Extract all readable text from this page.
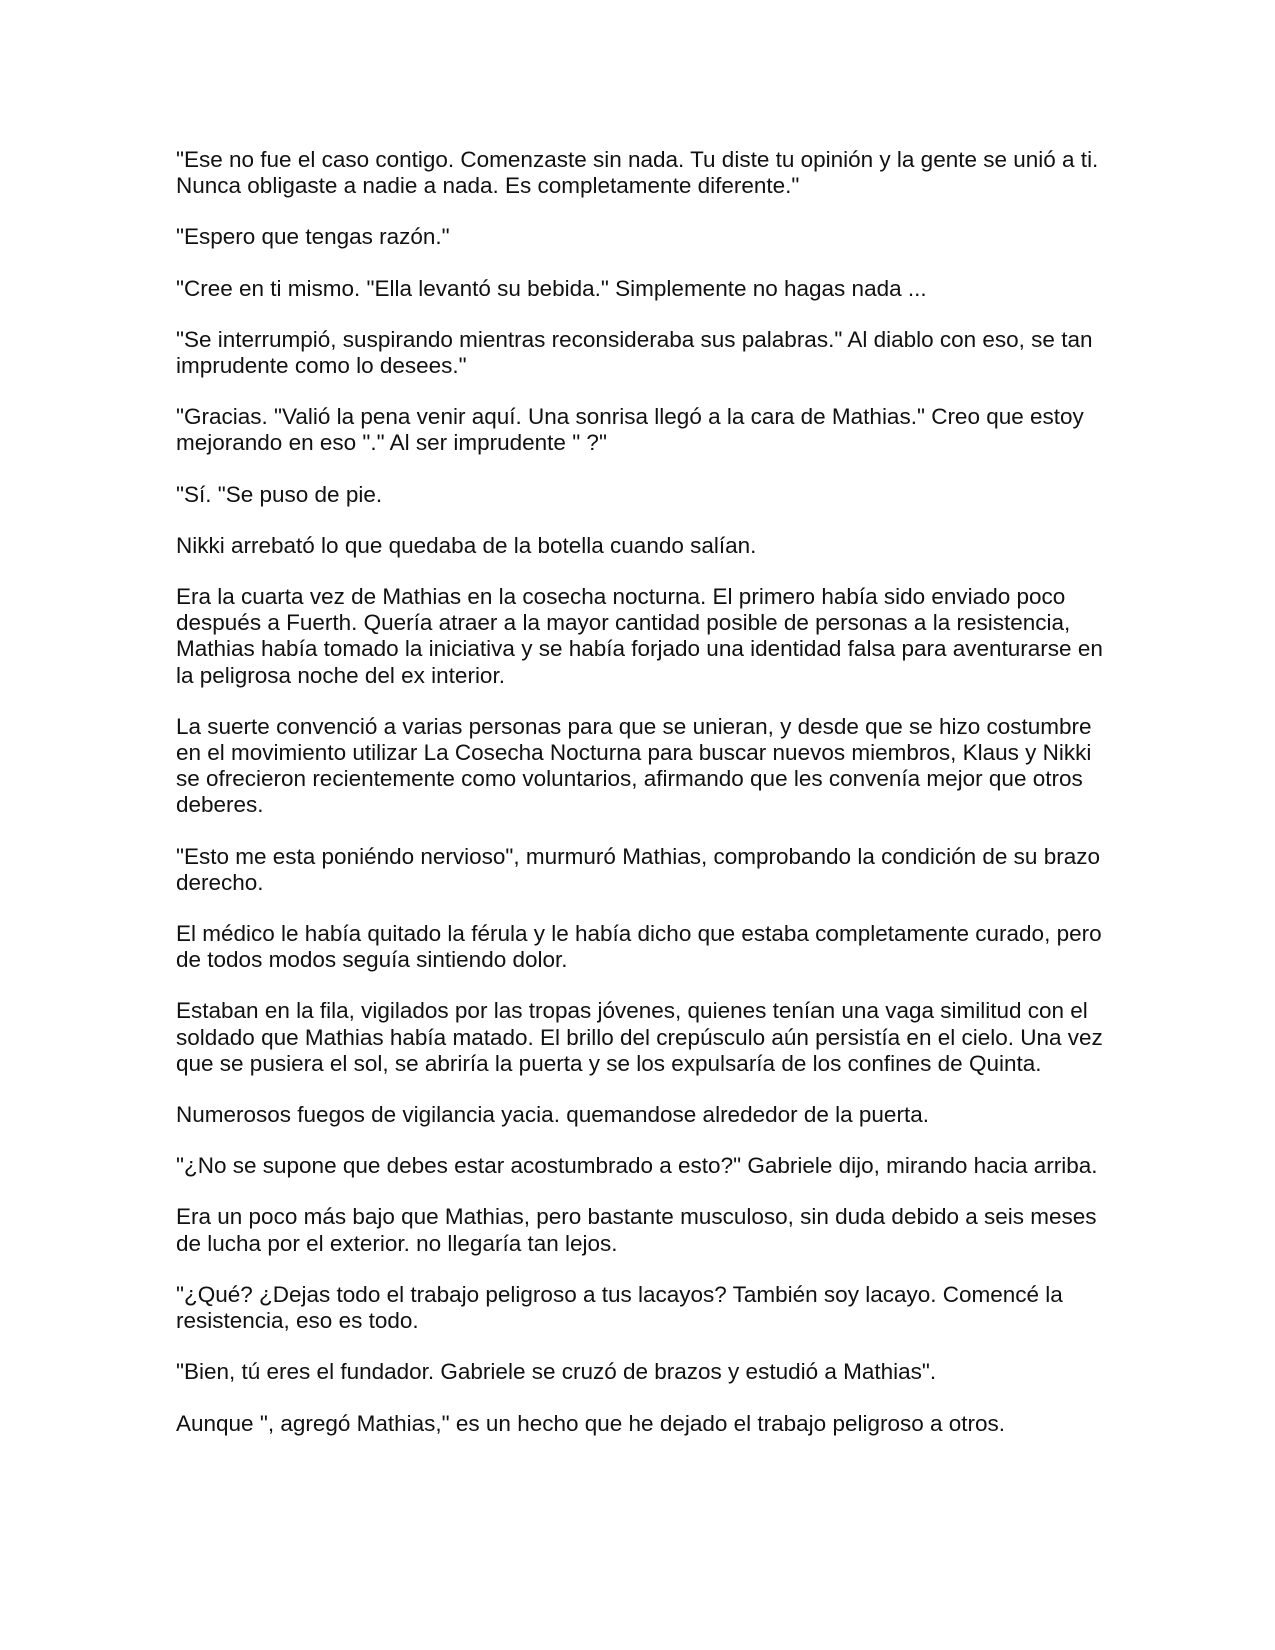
"Ese no fue el caso contigo. Comenzaste sin nada. Tu diste tu opinión y la gente se unió a ti. Nunca obligaste a nadie a nada. Es completamente diferente."

"Espero que tengas razón."

"Cree en ti mismo. "Ella levantó su bebida." Simplemente no hagas nada ...

"Se interrumpió, suspirando mientras reconsideraba sus palabras." Al diablo con eso, se tan imprudente como lo desees."

"Gracias. "Valió la pena venir aquí. Una sonrisa llegó a la cara de Mathias." Creo que estoy mejorando en eso "." Al ser imprudente " ?"

"Sí. "Se puso de pie.

Nikki arrebató lo que quedaba de la botella cuando salían.

Era la cuarta vez de Mathias en la cosecha nocturna. El primero había sido enviado poco después a Fuerth. Quería atraer a la mayor cantidad posible de personas a la resistencia, Mathias había tomado la iniciativa y se había forjado una identidad falsa para aventurarse en la peligrosa noche del ex interior.

La suerte convenció a varias personas para que se unieran, y desde que se hizo costumbre en el movimiento utilizar La Cosecha Nocturna para buscar nuevos miembros, Klaus y Nikki se ofrecieron recientemente como voluntarios, afirmando que les convenía mejor que otros deberes.

"Esto me esta poniéndo nervioso", murmuró Mathias, comprobando la condición de su brazo derecho.

El médico le había quitado la férula y le había dicho que estaba completamente curado, pero de todos modos seguía sintiendo dolor.

Estaban en la fila, vigilados por las tropas jóvenes, quienes tenían una vaga similitud con el soldado que Mathias había matado. El brillo del crepúsculo aún persistía en el cielo. Una vez que se pusiera el sol, se abriría la puerta y se los expulsaría de los confines de Quinta.

Numerosos fuegos de vigilancia yacia. quemandose alrededor de la puerta.

"¿No se supone que debes estar acostumbrado a esto?" Gabriele dijo, mirando hacia arriba.

Era un poco más bajo que Mathias, pero bastante musculoso, sin duda debido a seis meses de lucha por el exterior. no llegaría tan lejos.

"¿Qué? ¿Dejas todo el trabajo peligroso a tus lacayos? También soy lacayo. Comencé la resistencia, eso es todo.

"Bien, tú eres el fundador. Gabriele se cruzó de brazos y estudió a Mathias".

Aunque ", agregó Mathias," es un hecho que he dejado el trabajo peligroso a otros.
